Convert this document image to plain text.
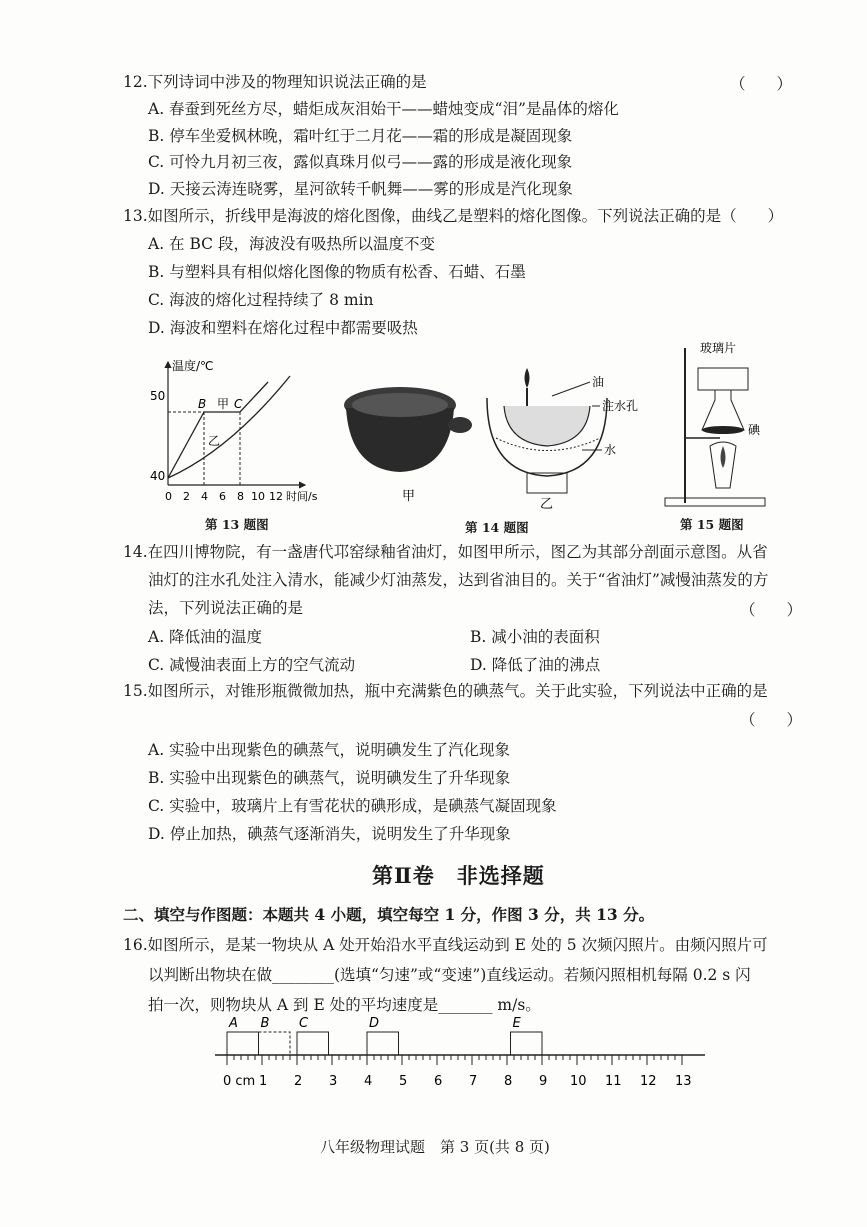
12.下列诗词中涉及的物理知识说法正确的是	（　　）
A. 春蚕到死丝方尽，蜡炬成灰泪始干——蜡烛变成“泪”是晶体的熔化
B. 停车坐爱枫林晚，霜叶红于二月花——霜的形成是凝固现象
C. 可怜九月初三夜，露似真珠月似弓——露的形成是液化现象
D. 天接云涛连晓雾，星河欲转千帆舞——雾的形成是汽化现象
13.如图所示，折线甲是海波的熔化图像，曲线乙是塑料的熔化图像。下列说法正确的是（　　）
A. 在 BC 段，海波没有吸热所以温度不变
B. 与塑料具有相似熔化图像的物质有松香、石蜡、石墨
C. 海波的熔化过程持续了 8 min
D. 海波和塑料在熔化过程中都需要吸热
温度/℃
50
40
B 甲 C
乙
0 2 4 6 8 10 12 时间/s
第 13 题图
甲
油
注水孔
水
乙
第 14 题图
玻璃片
碘
第 15 题图
14.在四川博物院，有一盏唐代邛窑绿釉省油灯，如图甲所示，图乙为其部分剖面示意图。从省
油灯的注水孔处注入清水，能减少灯油蒸发，达到省油目的。关于“省油灯”减慢油蒸发的方
法，下列说法正确的是	（　　）
A. 降低油的温度	B. 减小油的表面积
C. 减慢油表面上方的空气流动	D. 降低了油的沸点
15.如图所示，对锥形瓶微微加热，瓶中充满紫色的碘蒸气。关于此实验，下列说法中正确的是
（　　）
A. 实验中出现紫色的碘蒸气，说明碘发生了汽化现象
B. 实验中出现紫色的碘蒸气，说明碘发生了升华现象
C. 实验中，玻璃片上有雪花状的碘形成，是碘蒸气凝固现象
D. 停止加热，碘蒸气逐渐消失，说明发生了升华现象
第Ⅱ卷　非选择题
二、填空与作图题：本题共 4 小题，填空每空 1 分，作图 3 分，共 13 分。
16.如图所示，是某一物块从 A 处开始沿水平直线运动到 E 处的 5 次频闪照片。由频闪照片可
以判断出物块在做________(选填“匀速”或“变速”)直线运动。若频闪照相机每隔 0.2 s 闪
拍一次，则物块从 A 到 E 处的平均速度是_______ m/s。
A B C	D	E
0 cm 1 2 3 4 5 6 7 8 9 10 11 12 13
八年级物理试题　第 3 页(共 8 页)
